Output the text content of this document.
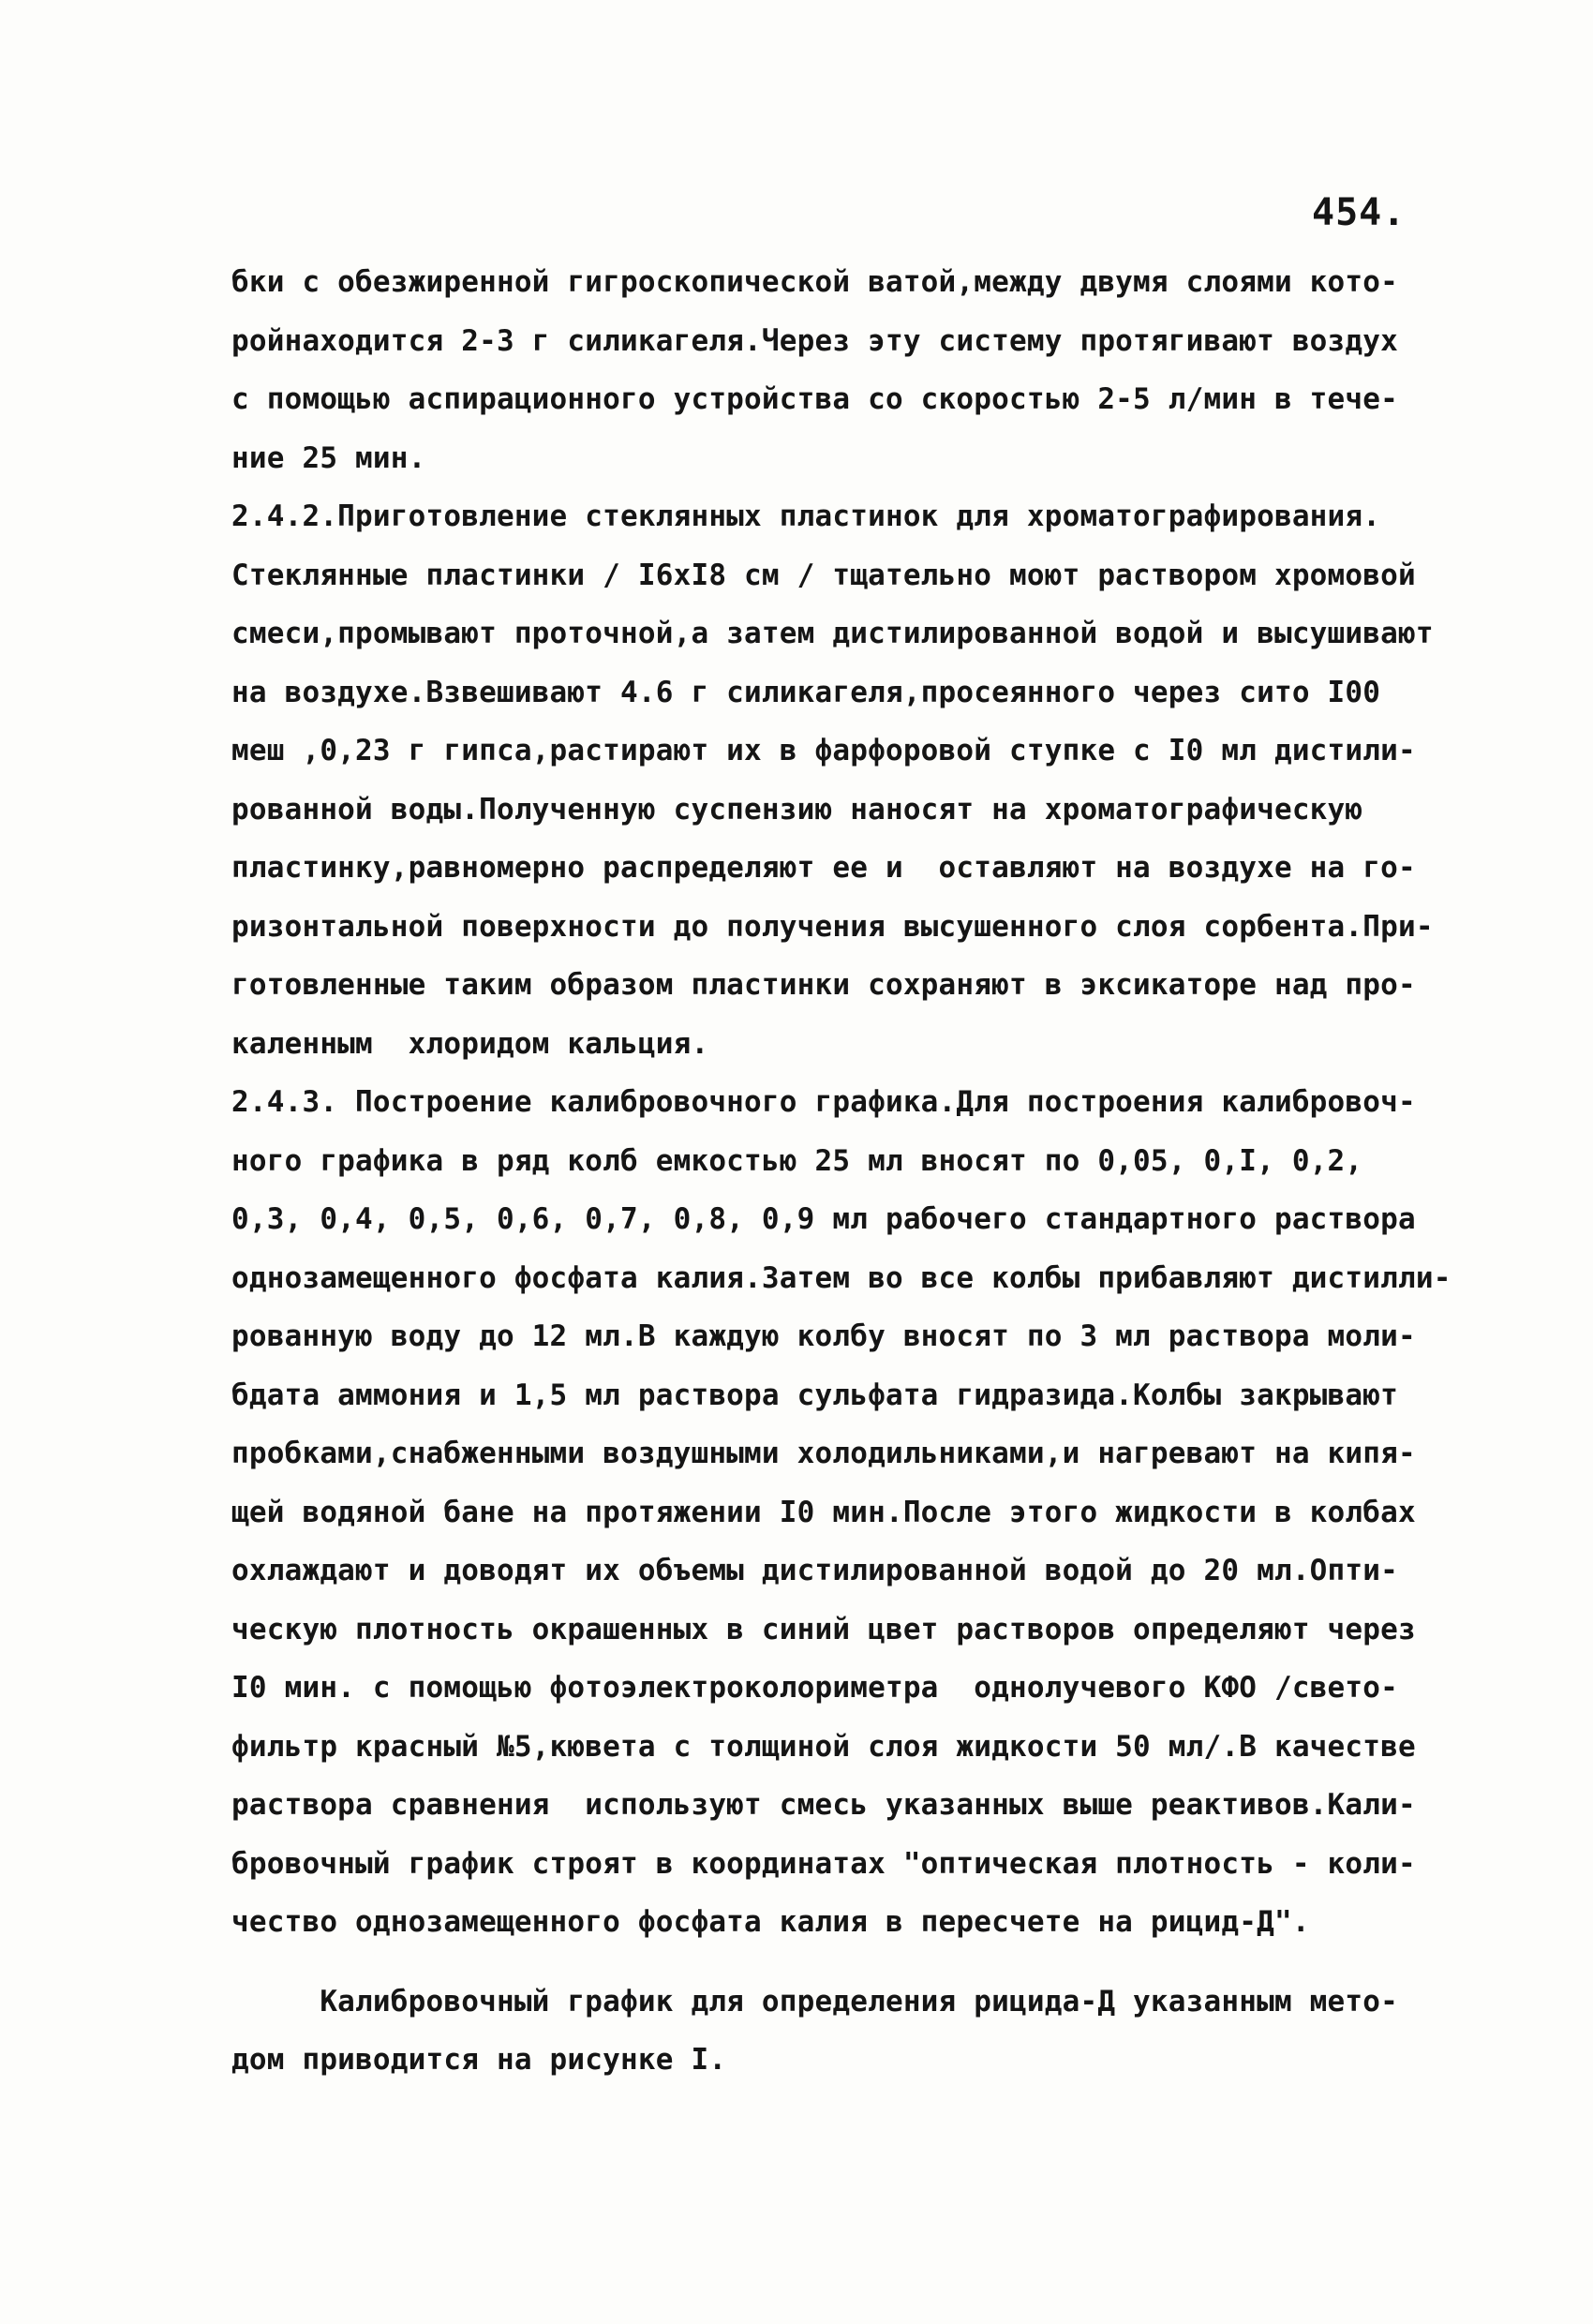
454.
бки с обезжиренной гигроскопической ватой,между двумя слоями кото-
ройнаходится 2-3 г силикагеля.Через эту систему протягивают воздух
с помощью аспирационного устройства со скоростью 2-5 л/мин в тече-
ние 25 мин.
2.4.2.Приготовление стеклянных пластинок для хроматографирования.
Стеклянные пластинки / I6xI8 см / тщательно моют раствором хромовой
смеси,промывают проточной,а затем дистилированной водой и высушивают
на воздухе.Взвешивают 4.6 г силикагеля,просеянного через сито I00
меш ,0,23 г гипса,растирают их в фарфоровой ступке с I0 мл дистили-
рованной воды.Полученную суспензию наносят на хроматографическую
пластинку,равномерно распределяют ее и  оставляют на воздухе на го-
ризонтальной поверхности до получения высушенного слоя сорбента.При-
готовленные таким образом пластинки сохраняют в эксикаторе над про-
каленным  хлоридом кальция.
2.4.3. Построение калибровочного графика.Для построения калибровоч-
ного графика в ряд колб емкостью 25 мл вносят по 0,05, 0,I, 0,2,
0,3, 0,4, 0,5, 0,6, 0,7, 0,8, 0,9 мл рабочего стандартного раствора
однозамещенного фосфата калия.Затем во все колбы прибавляют дистилли-
рованную воду до 12 мл.В каждую колбу вносят по 3 мл раствора моли-
бдата аммония и 1,5 мл раствора сульфата гидразида.Колбы закрывают
пробками,снабженными воздушными холодильниками,и нагревают на кипя-
щей водяной бане на протяжении I0 мин.После этого жидкости в колбах
охлаждают и доводят их объемы дистилированной водой до 20 мл.Опти-
ческую плотность окрашенных в синий цвет растворов определяют через
I0 мин. с помощью фотоэлектроколориметра  однолучевого КФО /свето-
фильтр красный №5,кювета с толщиной слоя жидкости 50 мл/.В качестве
раствора сравнения  используют смесь указанных выше реактивов.Кали-
бровочный график строят в координатах "оптическая плотность - коли-
чество однозамещенного фосфата калия в пересчете на рицид-Д".
Калибровочный график для определения рицида-Д указанным мето-
дом приводится на рисунке I.
